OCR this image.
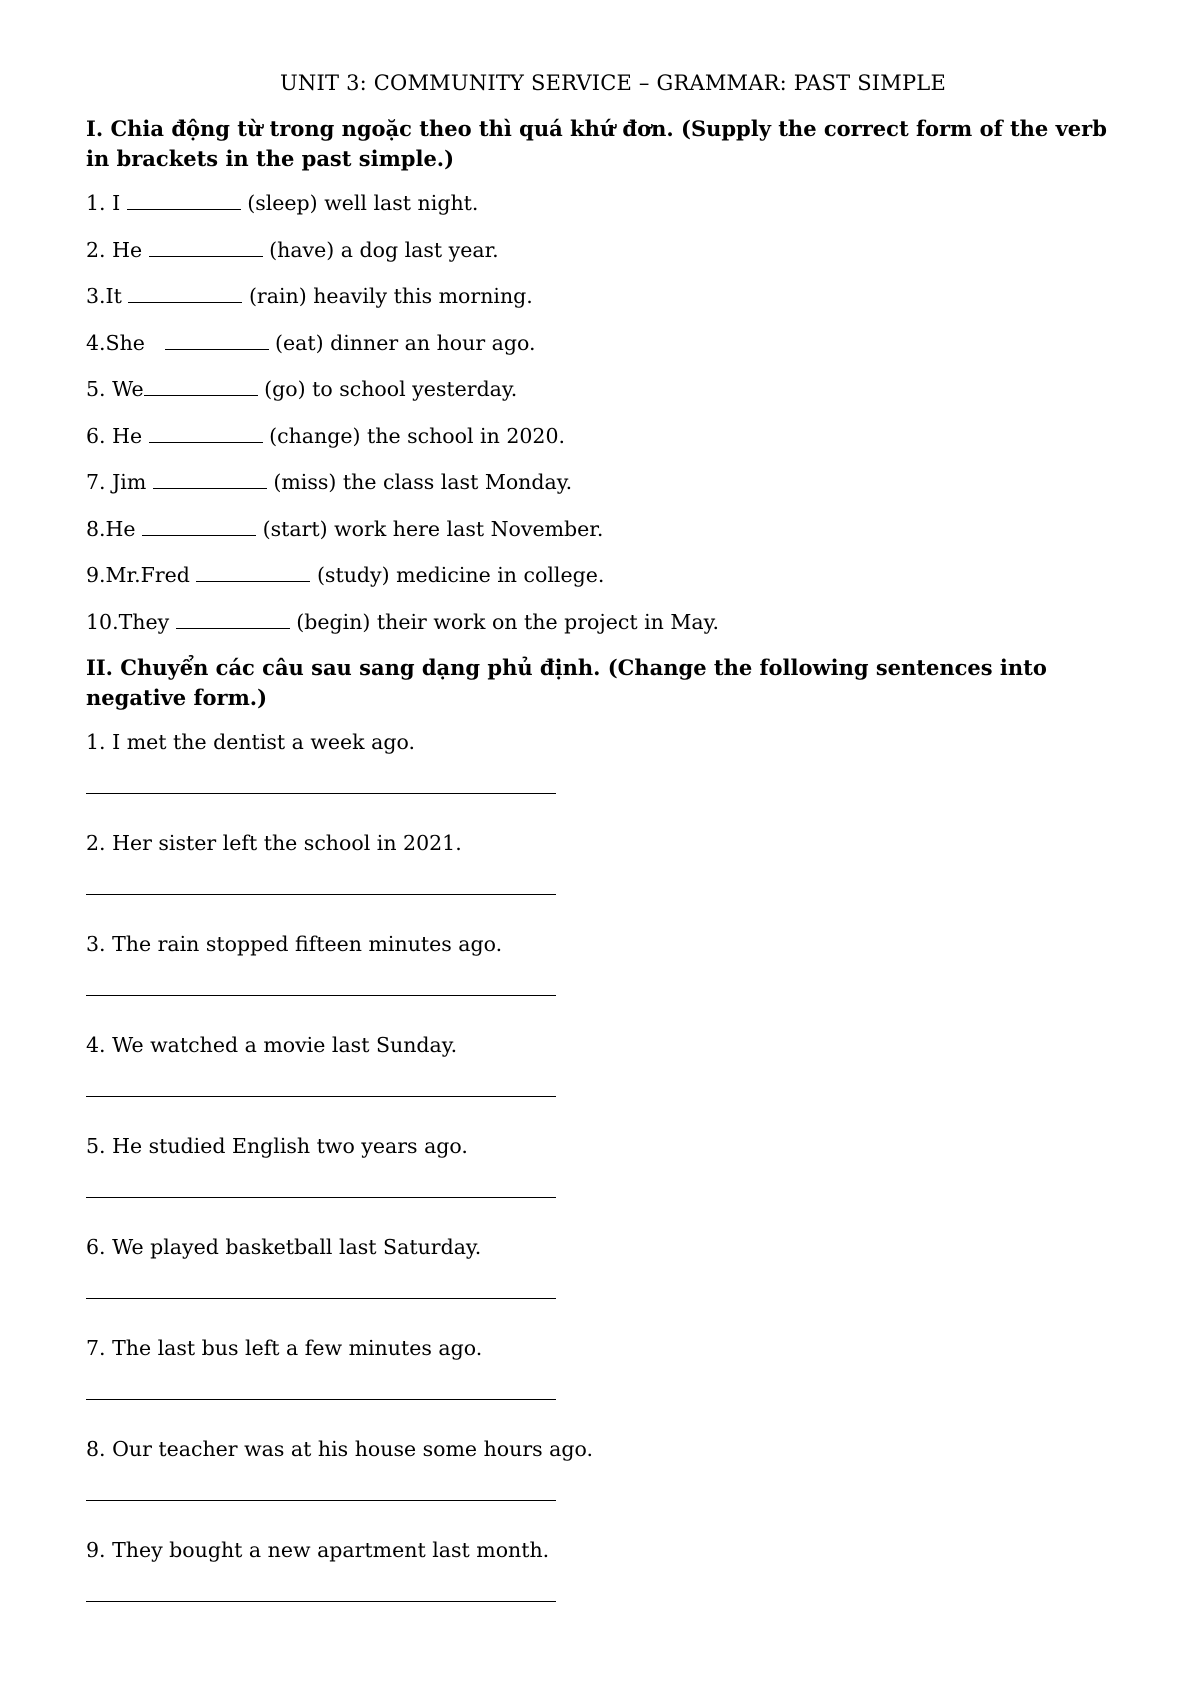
UNIT 3: COMMUNITY SERVICE – GRAMMAR: PAST SIMPLE
I. Chia động từ trong ngoặc theo thì quá khứ đơn. (Supply the correct form of the verb in brackets in the past simple.)
1. I	(sleep) well last night.
2. He	(have) a dog last year.
3.It	(rain) heavily this morning.
4.She	(eat) dinner an hour ago.
5. We	(go) to school yesterday.
6. He	(change) the school in 2020.
7. Jim	(miss) the class last Monday.
8.He	(start) work here last November.
9.Mr.Fred	(study) medicine in college.
10.They	(begin) their work on the project in May.
II. Chuyển các câu sau sang dạng phủ định. (Change the following sentences into negative form.)
1. I met the dentist a week ago.
2. Her sister left the school in 2021.
3. The rain stopped fifteen minutes ago.
4. We watched a movie last Sunday.
5. He studied English two years ago.
6. We played basketball last Saturday.
7. The last bus left a few minutes ago.
8. Our teacher was at his house some hours ago.
9. They bought a new apartment last month.
